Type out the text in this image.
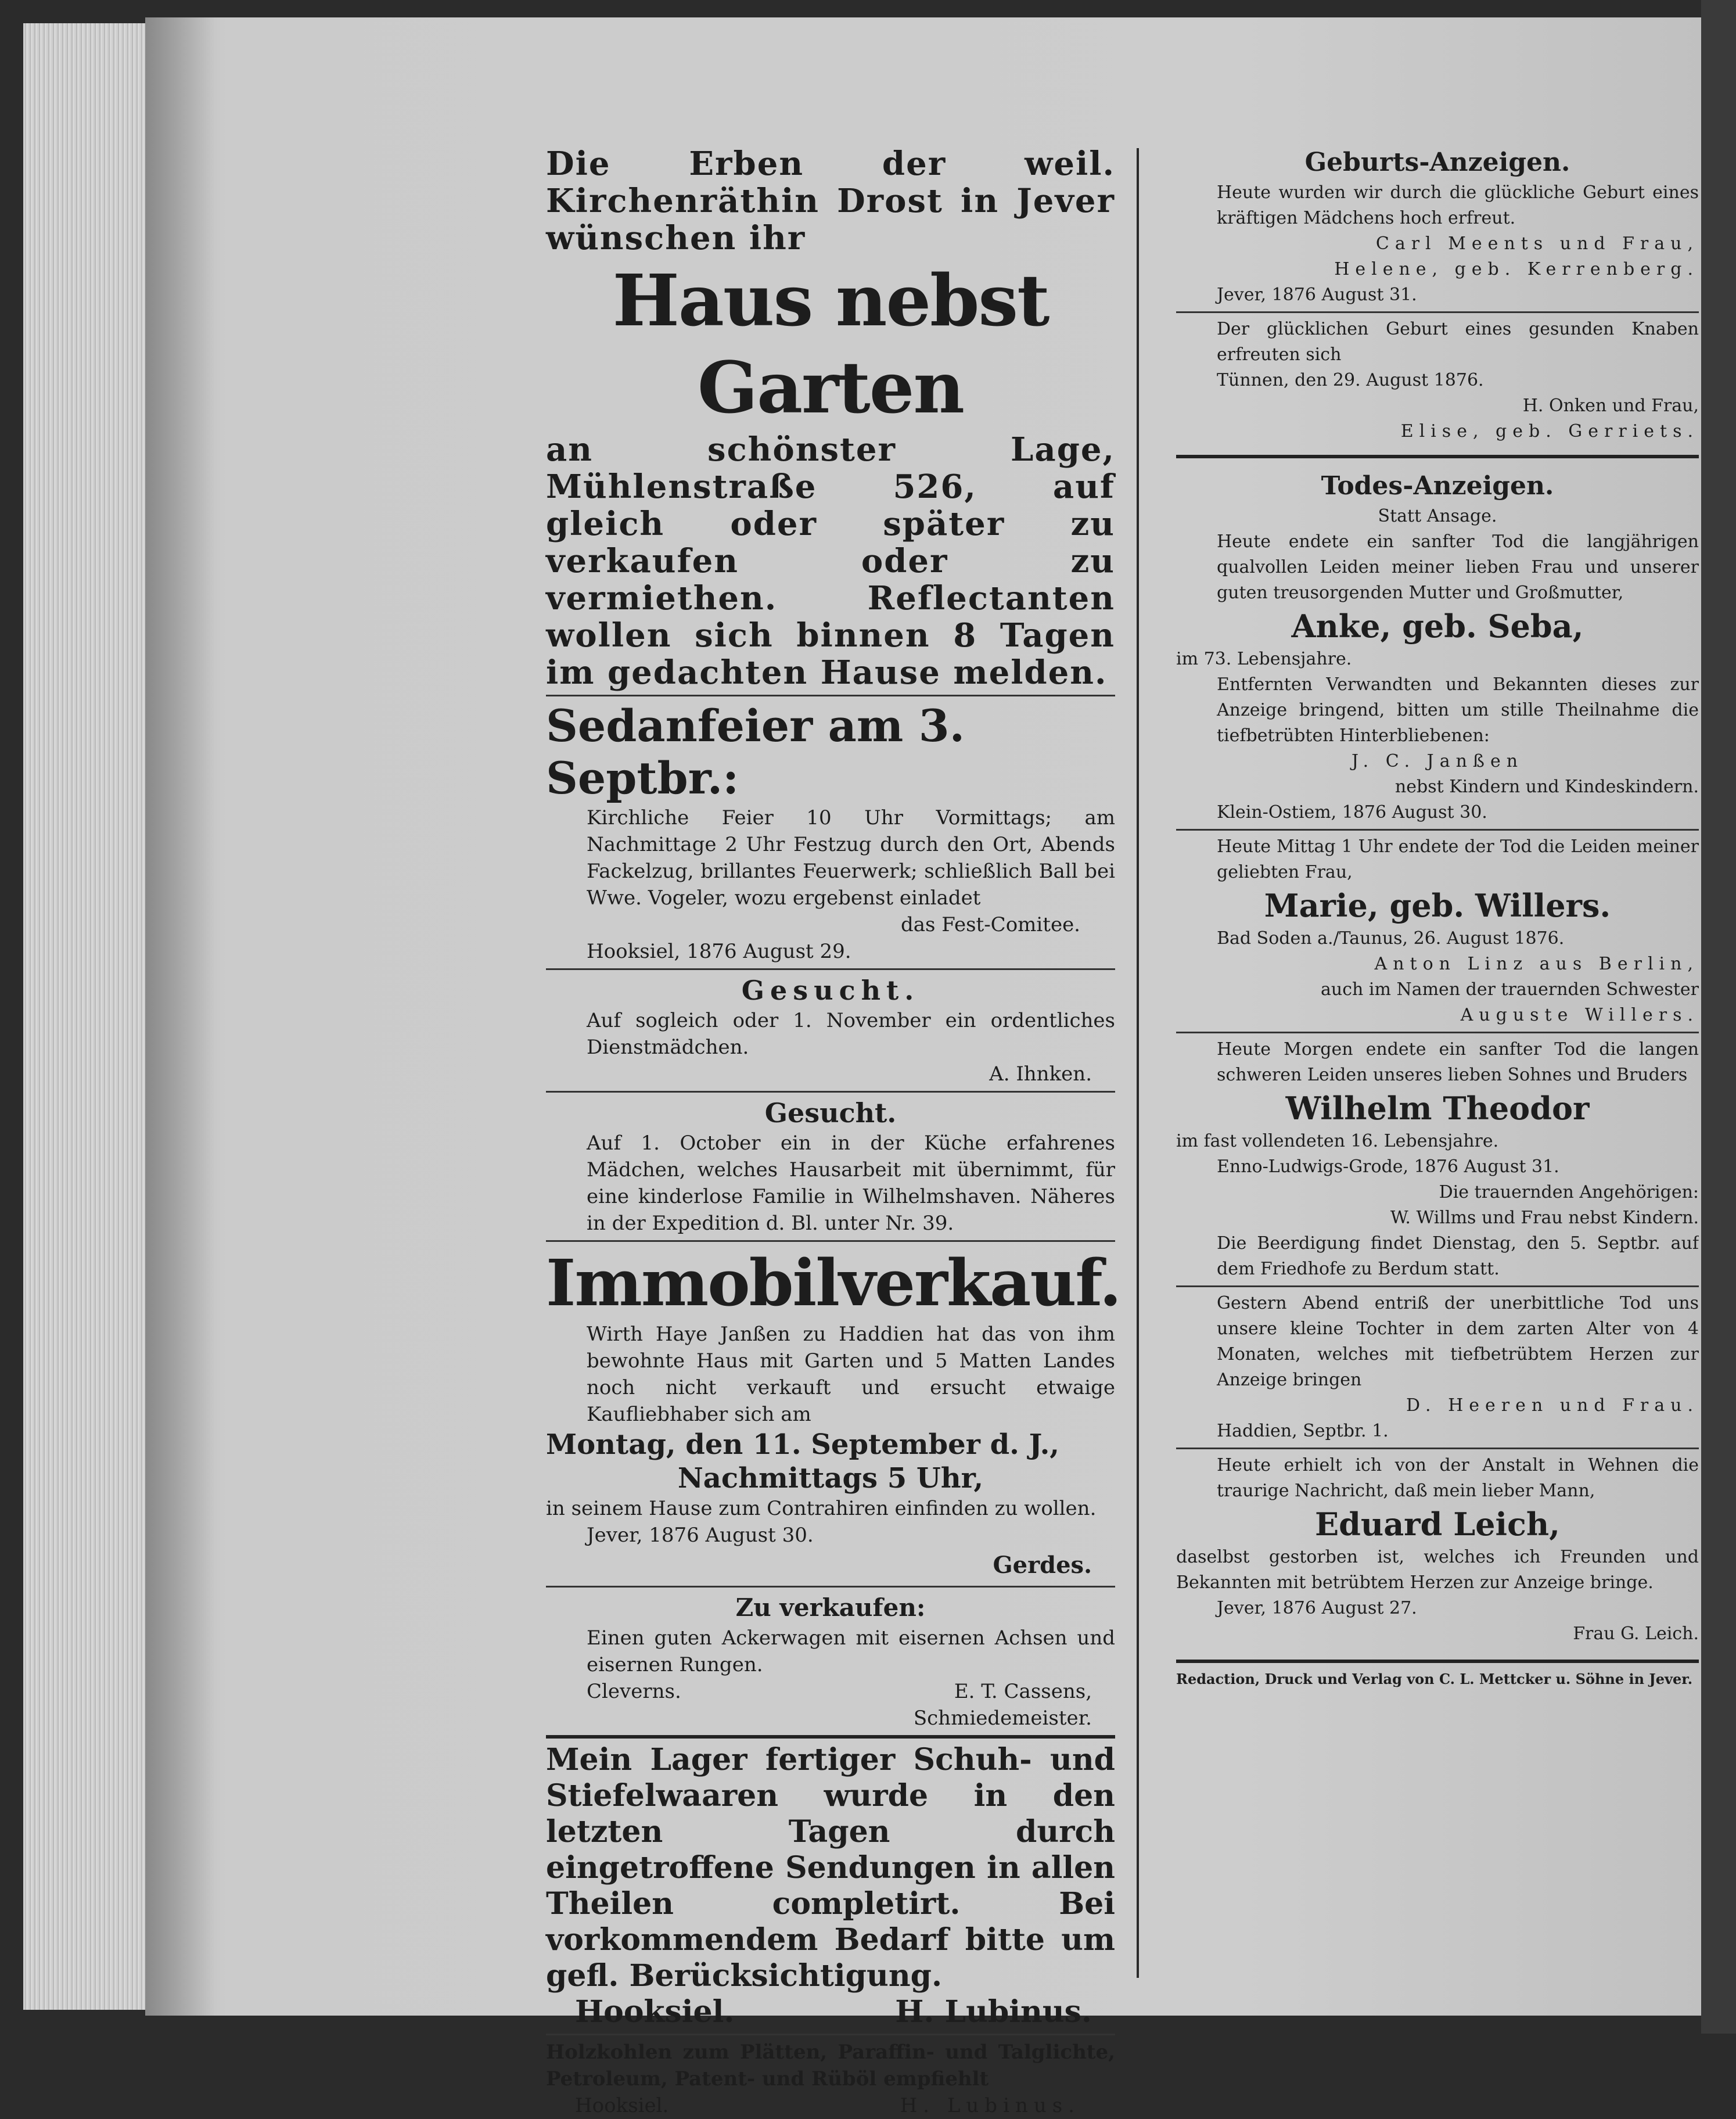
Die Erben der weil. Kirchenräthin Drost in Jever wünschen ihr
Haus nebst Garten
an schönster Lage, Mühlenstraße 526, auf gleich oder später zu verkaufen oder zu vermiethen. Reflectanten wollen sich binnen 8 Tagen im gedachten Hause melden.
Sedanfeier am 3. Septbr.:
Kirchliche Feier 10 Uhr Vormittags; am Nachmittage 2 Uhr Festzug durch den Ort, Abends Fackelzug, brillantes Feuerwerk; schließlich Ball bei Wwe. Vogeler, wozu ergebenst einladet
das Fest-Comitee.
Hooksiel, 1876 August 29.
Gesucht.
Auf sogleich oder 1. November ein ordentliches Dienstmädchen.
A. Ihnken.
Gesucht.
Auf 1. October ein in der Küche erfahrenes Mädchen, welches Hausarbeit mit übernimmt, für eine kinderlose Familie in Wilhelmshaven. Näheres in der Expedition d. Bl. unter Nr. 39.
Immobilverkauf.
Wirth Haye Janßen zu Haddien hat das von ihm bewohnte Haus mit Garten und 5 Matten Landes noch nicht verkauft und ersucht etwaige Kaufliebhaber sich am
Montag, den 11. September d. J.,
Nachmittags 5 Uhr,
in seinem Hause zum Contrahiren einfinden zu wollen.
Jever, 1876 August 30.
Gerdes.
Zu verkaufen:
Einen guten Ackerwagen mit eisernen Achsen und eisernen Rungen.
Cleverns.	E. T. Cassens,
Schmiedemeister.
Mein Lager fertiger Schuh- und Stiefelwaaren wurde in den letzten Tagen durch eingetroffene Sendungen in allen Theilen completirt. Bei vorkommendem Bedarf bitte um gefl. Berücksichtigung.
Hooksiel.	H. Lubinus.
Holzkohlen zum Plätten, Paraffin- und Talglichte, Petroleum, Patent- und Rüböl empfiehlt
Hooksiel.	H. Lubinus.
Geburts-Anzeigen.
Heute wurden wir durch die glückliche Geburt eines kräftigen Mädchens hoch erfreut.
Carl Meents und Frau,
Helene, geb. Kerrenberg.
Jever, 1876 August 31.
Der glücklichen Geburt eines gesunden Knaben erfreuten sich
Tünnen, den 29. August 1876.
H. Onken und Frau,
Elise, geb. Gerriets.
Todes-Anzeigen.
Statt Ansage.
Heute endete ein sanfter Tod die langjährigen qualvollen Leiden meiner lieben Frau und unserer guten treusorgenden Mutter und Großmutter,
Anke, geb. Seba,
im 73. Lebensjahre.
Entfernten Verwandten und Bekannten dieses zur Anzeige bringend, bitten um stille Theilnahme die tiefbetrübten Hinterbliebenen:
J. C. Janßen
nebst Kindern und Kindeskindern.
Klein-Ostiem, 1876 August 30.
Heute Mittag 1 Uhr endete der Tod die Leiden meiner geliebten Frau,
Marie, geb. Willers.
Bad Soden a./Taunus, 26. August 1876.
Anton Linz aus Berlin,
auch im Namen der trauernden Schwester
Auguste Willers.
Heute Morgen endete ein sanfter Tod die langen schweren Leiden unseres lieben Sohnes und Bruders
Wilhelm Theodor
im fast vollendeten 16. Lebensjahre.
Enno-Ludwigs-Grode, 1876 August 31.
Die trauernden Angehörigen:
W. Willms und Frau nebst Kindern.
Die Beerdigung findet Dienstag, den 5. Septbr. auf dem Friedhofe zu Berdum statt.
Gestern Abend entriß der unerbittliche Tod uns unsere kleine Tochter in dem zarten Alter von 4 Monaten, welches mit tiefbetrübtem Herzen zur Anzeige bringen
D. Heeren und Frau.
Haddien, Septbr. 1.
Heute erhielt ich von der Anstalt in Wehnen die traurige Nachricht, daß mein lieber Mann,
Eduard Leich,
daselbst gestorben ist, welches ich Freunden und Bekannten mit betrübtem Herzen zur Anzeige bringe.
Jever, 1876 August 27.
Frau G. Leich.
Redaction, Druck und Verlag von C. L. Mettcker u. Söhne in Jever.
